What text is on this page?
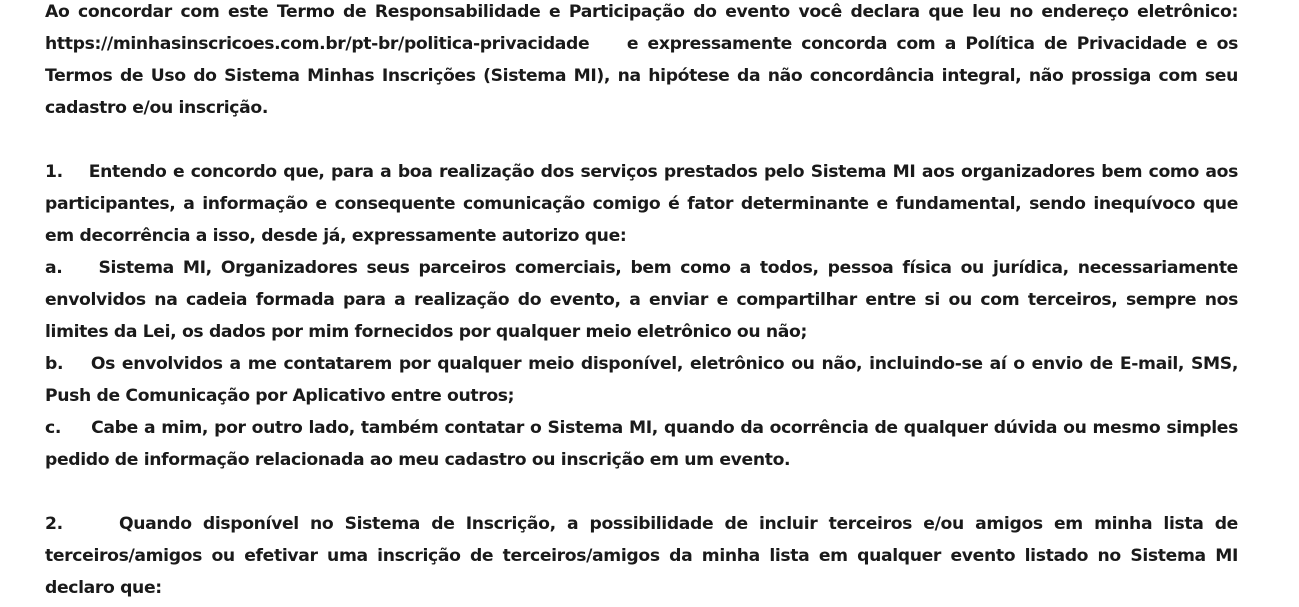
Ao concordar com este Termo de Responsabilidade e Participação do evento você declara que leu no endereço eletrônico: https://minhasinscricoes.com.br/pt-br/politica-privacidade e expressamente concorda com a Política de Privacidade e os Termos de Uso do Sistema Minhas Inscrições (Sistema MI), na hipótese da não concordância integral, não prossiga com seu cadastro e/ou inscrição.

1.    Entendo e concordo que, para a boa realização dos serviços prestados pelo Sistema MI aos organizadores bem como aos participantes, a informação e consequente comunicação comigo é fator determinante e fundamental, sendo inequívoco que em decorrência a isso, desde já, expressamente autorizo que:

a.    Sistema MI, Organizadores seus parceiros comerciais, bem como a todos, pessoa física ou jurídica, necessariamente envolvidos na cadeia formada para a realização do evento, a enviar e compartilhar entre si ou com terceiros, sempre nos limites da Lei, os dados por mim fornecidos por qualquer meio eletrônico ou não;

b.    Os envolvidos a me contatarem por qualquer meio disponível, eletrônico ou não, incluindo-se aí o envio de E-mail, SMS, Push de Comunicação por Aplicativo entre outros;

c.     Cabe a mim, por outro lado, também contatar o Sistema MI, quando da ocorrência de qualquer dúvida ou mesmo simples pedido de informação relacionada ao meu cadastro ou inscrição em um evento.

2.     Quando disponível no Sistema de Inscrição, a possibilidade de incluir terceiros e/ou amigos em minha lista de terceiros/amigos ou efetivar uma inscrição de terceiros/amigos da minha lista em qualquer evento listado no Sistema MI declaro que:
